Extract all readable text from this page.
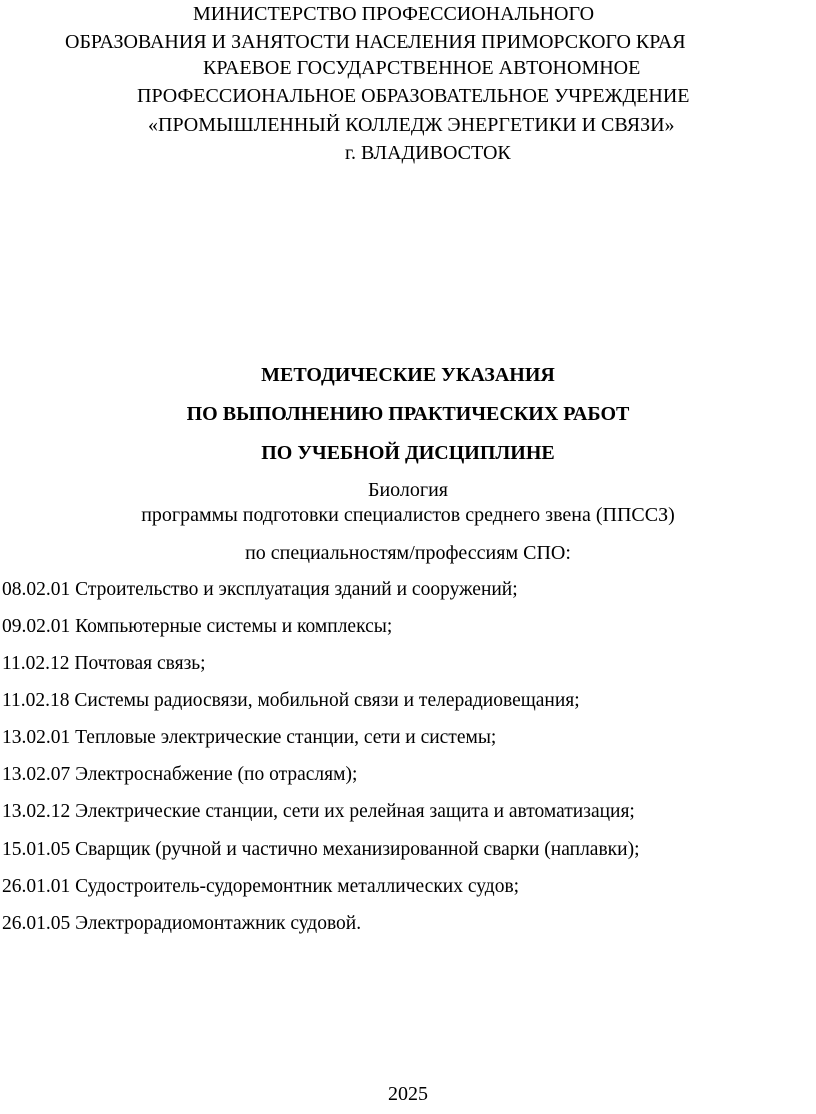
МИНИСТЕРСТВО ПРОФЕССИОНАЛЬНОГО
ОБРАЗОВАНИЯ И ЗАНЯТОСТИ НАСЕЛЕНИЯ ПРИМОРСКОГО КРАЯ
КРАЕВОЕ ГОСУДАРСТВЕННОЕ АВТОНОМНОЕ
ПРОФЕССИОНАЛЬНОЕ ОБРАЗОВАТЕЛЬНОЕ УЧРЕЖДЕНИЕ
«ПРОМЫШЛЕННЫЙ КОЛЛЕДЖ ЭНЕРГЕТИКИ И СВЯЗИ»
г. ВЛАДИВОСТОК
МЕТОДИЧЕСКИЕ УКАЗАНИЯ
ПО ВЫПОЛНЕНИЮ ПРАКТИЧЕСКИХ РАБОТ
ПО УЧЕБНОЙ ДИСЦИПЛИНЕ
Биология
программы подготовки специалистов среднего звена (ППССЗ)
по специальностям/профессиям СПО:
08.02.01 Строительство и эксплуатация зданий и сооружений;
09.02.01 Компьютерные системы и комплексы;
11.02.12 Почтовая связь;
11.02.18 Системы радиосвязи, мобильной связи и телерадиовещания;
13.02.01 Тепловые электрические станции, сети и системы;
13.02.07 Электроснабжение (по отраслям);
13.02.12 Электрические станции, сети их релейная защита и автоматизация;
15.01.05 Сварщик (ручной и частично механизированной сварки (наплавки);
26.01.01 Судостроитель-судоремонтник металлических судов;
26.01.05 Электрорадиомонтажник судовой.
2025
